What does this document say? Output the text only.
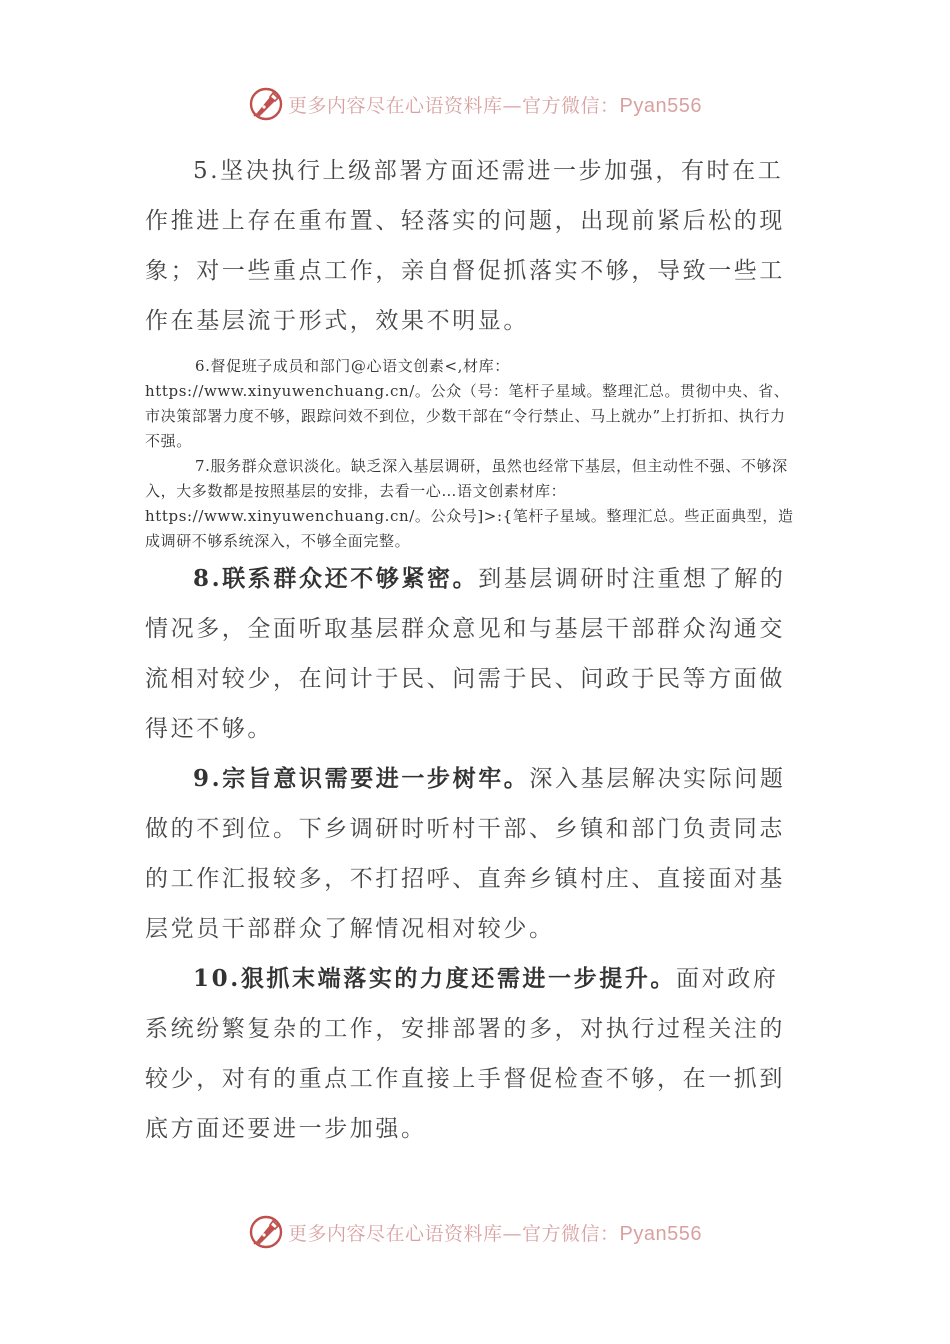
更多内容尽在心语资料库—官方微信：Pyan556

5.坚决执行上级部署方面还需进一步加强，有时在工作推进上存在重布置、轻落实的问题，出现前紧后松的现象；对一些重点工作，亲自督促抓落实不够，导致一些工作在基层流于形式，效果不明显。

6.督促班子成员和部门@心语文创素<,材库：https://www.xinyuwenchuang.cn/。公众（号：笔杆子星域。整理汇总。贯彻中央、省、市决策部署力度不够，跟踪问效不到位，少数干部在“令行禁止、马上就办”上打折扣、执行力不强。

7.服务群众意识淡化。缺乏深入基层调研，虽然也经常下基层，但主动性不强、不够深入，大多数都是按照基层的安排，去看一心…语文创素材库：https://www.xinyuwenchuang.cn/。公众号]>:{笔杆子星域。整理汇总。些正面典型，造成调研不够系统深入，不够全面完整。

8.联系群众还不够紧密。到基层调研时注重想了解的情况多，全面听取基层群众意见和与基层干部群众沟通交流相对较少，在问计于民、问需于民、问政于民等方面做得还不够。

9.宗旨意识需要进一步树牢。深入基层解决实际问题做的不到位。下乡调研时听村干部、乡镇和部门负责同志的工作汇报较多，不打招呼、直奔乡镇村庄、直接面对基层党员干部群众了解情况相对较少。

10.狠抓末端落实的力度还需进一步提升。面对政府系统纷繁复杂的工作，安排部署的多，对执行过程关注的较少，对有的重点工作直接上手督促检查不够，在一抓到底方面还要进一步加强。

更多内容尽在心语资料库—官方微信：Pyan556
